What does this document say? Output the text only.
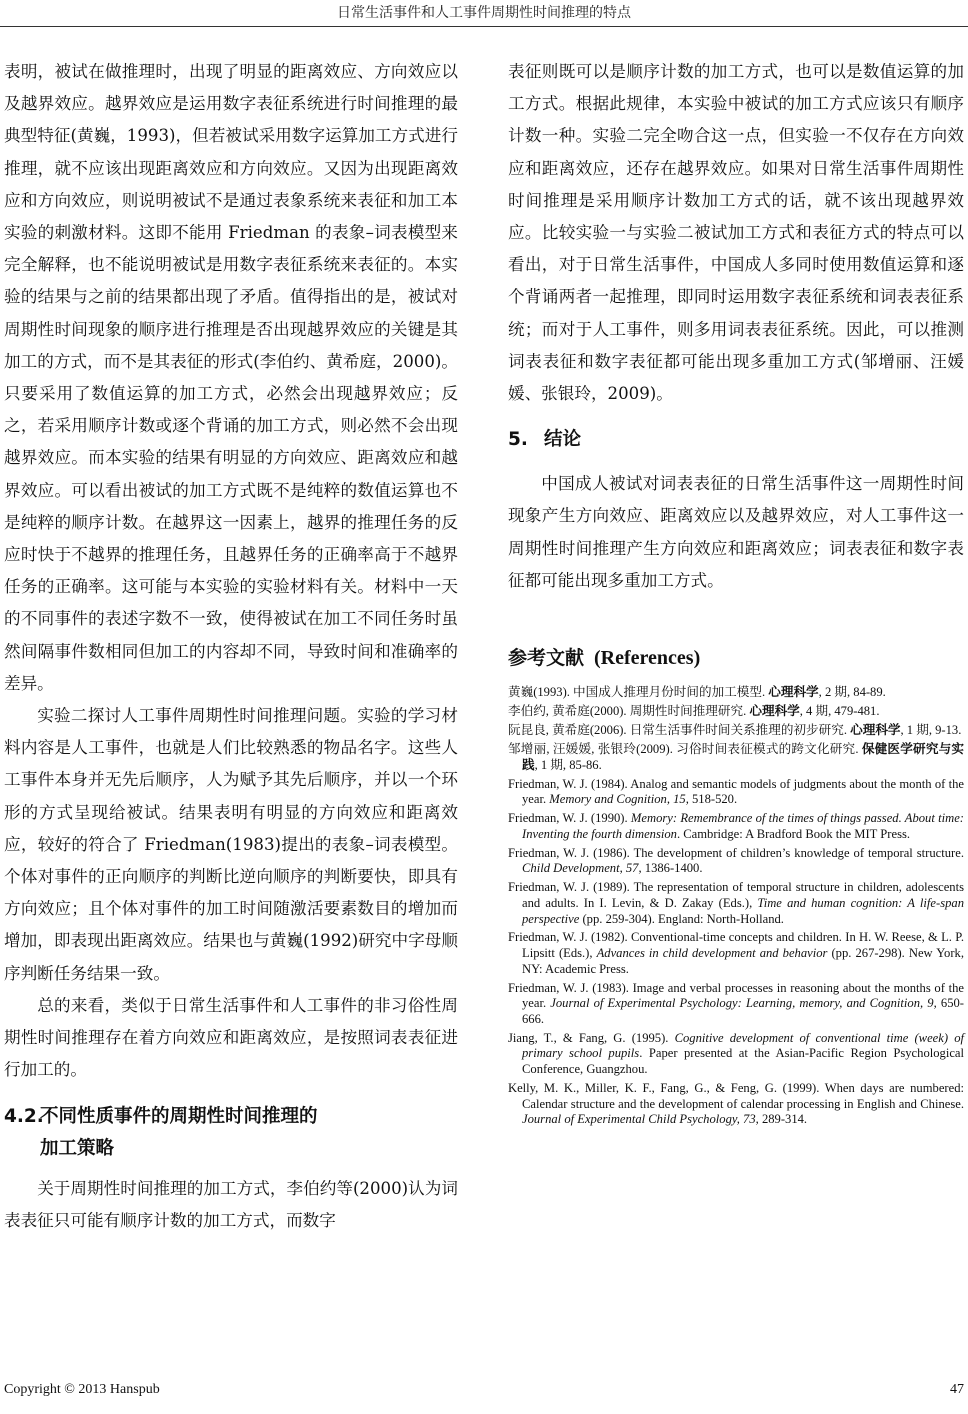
日常生活事件和人工事件周期性时间推理的特点

表明，被试在做推理时，出现了明显的距离效应、方向效应以及越界效应。越界效应是运用数字表征系统进行时间推理的最典型特征(黄巍，1993)，但若被试采用数字运算加工方式进行推理，就不应该出现距离效应和方向效应。又因为出现距离效应和方向效应，则说明被试不是通过表象系统来表征和加工本实验的刺激材料。这即不能用 Friedman 的表象–词表模型来完全解释，也不能说明被试是用数字表征系统来表征的。本实验的结果与之前的结果都出现了矛盾。值得指出的是，被试对周期性时间现象的顺序进行推理是否出现越界效应的关键是其加工的方式，而不是其表征的形式(李伯约、黄希庭，2000)。只要采用了数值运算的加工方式，必然会出现越界效应；反之，若采用顺序计数或逐个背诵的加工方式，则必然不会出现越界效应。而本实验的结果有明显的方向效应、距离效应和越界效应。可以看出被试的加工方式既不是纯粹的数值运算也不是纯粹的顺序计数。在越界这一因素上，越界的推理任务的反应时快于不越界的推理任务，且越界任务的正确率高于不越界任务的正确率。这可能与本实验的实验材料有关。材料中一天的不同事件的表述字数不一致，使得被试在加工不同任务时虽然间隔事件数相同但加工的内容却不同，导致时间和准确率的差异。

实验二探讨人工事件周期性时间推理问题。实验的学习材料内容是人工事件，也就是人们比较熟悉的物品名字。这些人工事件本身并无先后顺序，人为赋予其先后顺序，并以一个环形的方式呈现给被试。结果表明有明显的方向效应和距离效应，较好的符合了 Friedman(1983)提出的表象–词表模型。个体对事件的正向顺序的判断比逆向顺序的判断要快，即具有方向效应；且个体对事件的加工时间随激活要素数目的增加而增加，即表现出距离效应。结果也与黄巍(1992)研究中字母顺序判断任务结果一致。

总的来看，类似于日常生活事件和人工事件的非习俗性周期性时间推理存在着方向效应和距离效应，是按照词表表征进行加工的。

4.2.不同性质事件的周期性时间推理的
加工策略

关于周期性时间推理的加工方式，李伯约等(2000)认为词表表征只可能有顺序计数的加工方式，而数字

表征则既可以是顺序计数的加工方式，也可以是数值运算的加工方式。根据此规律，本实验中被试的加工方式应该只有顺序计数一种。实验二完全吻合这一点，但实验一不仅存在方向效应和距离效应，还存在越界效应。如果对日常生活事件周期性时间推理是采用顺序计数加工方式的话，就不该出现越界效应。比较实验一与实验二被试加工方式和表征方式的特点可以看出，对于日常生活事件，中国成人多同时使用数值运算和逐个背诵两者一起推理，即同时运用数字表征系统和词表表征系统；而对于人工事件，则多用词表表征系统。因此，可以推测词表表征和数字表征都可能出现多重加工方式(邹增丽、汪媛媛、张银玲，2009)。

5. 结论

中国成人被试对词表表征的日常生活事件这一周期性时间现象产生方向效应、距离效应以及越界效应，对人工事件这一周期性时间推理产生方向效应和距离效应；词表表征和数字表征都可能出现多重加工方式。

参考文献 (References)
黄巍(1993). 中国成人推理月份时间的加工模型. 心理科学, 2 期, 84-89.
李伯约, 黄希庭(2000). 周期性时间推理研究. 心理科学, 4 期, 479-481.
阮昆良, 黄希庭(2006). 日常生活事件时间关系推理的初步研究. 心理科学, 1 期, 9-13.
邹增丽, 汪媛媛, 张银玲(2009). 习俗时间表征模式的跨文化研究. 保健医学研究与实践, 1 期, 85-86.
Friedman, W. J. (1984). Analog and semantic models of judgments about the month of the year. Memory and Cognition, 15, 518-520.
Friedman, W. J. (1990). Memory: Remembrance of the times of things passed. About time: Inventing the fourth dimension. Cambridge: A Bradford Book the MIT Press.
Friedman, W. J. (1986). The development of children’s knowledge of temporal structure. Child Development, 57, 1386-1400.
Friedman, W. J. (1989). The representation of temporal structure in children, adolescents and adults. In I. Levin, & D. Zakay (Eds.), Time and human cognition: A life-span perspective (pp. 259-304). England: North-Holland.
Friedman, W. J. (1982). Conventional-time concepts and children. In H. W. Reese, & L. P. Lipsitt (Eds.), Advances in child development and behavior (pp. 267-298). New York, NY: Academic Press.
Friedman, W. J. (1983). Image and verbal processes in reasoning about the months of the year. Journal of Experimental Psychology: Learning, memory, and Cognition, 9, 650-666.
Jiang, T., & Fang, G. (1995). Cognitive development of conventional time (week) of primary school pupils. Paper presented at the Asian-Pacific Region Psychological Conference, Guangzhou.
Kelly, M. K., Miller, K. F., Fang, G., & Feng, G. (1999). When days are numbered: Calendar structure and the development of calendar processing in English and Chinese. Journal of Experimental Child Psychology, 73, 289-314.
Copyright © 2013 Hanspub	47
